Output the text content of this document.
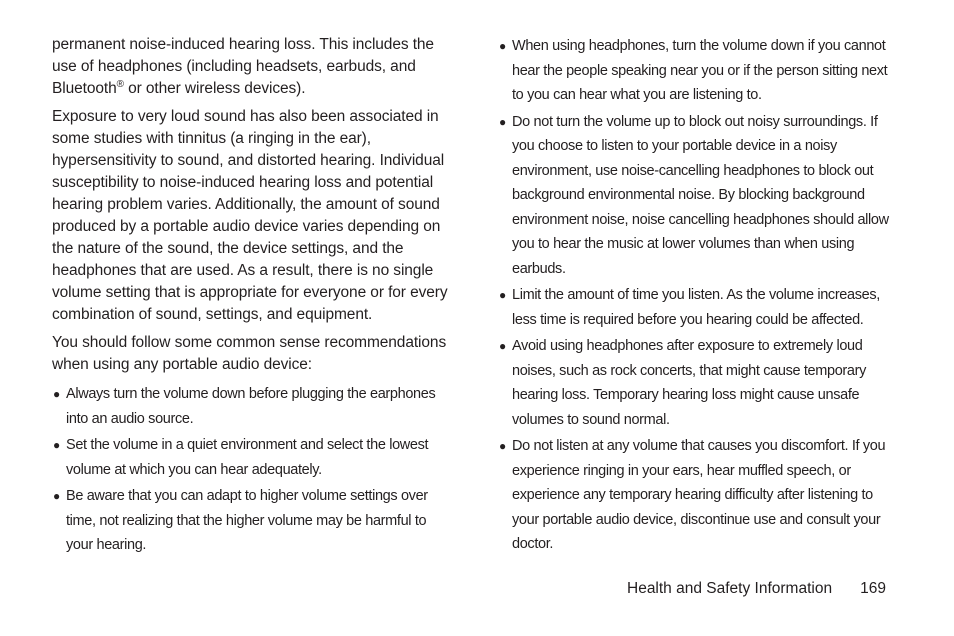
permanent noise-induced hearing loss. This includes the use of headphones (including headsets, earbuds, and Bluetooth® or other wireless devices).

Exposure to very loud sound has also been associated in some studies with tinnitus (a ringing in the ear), hypersensitivity to sound, and distorted hearing. Individual susceptibility to noise-induced hearing loss and potential hearing problem varies. Additionally, the amount of sound produced by a portable audio device varies depending on the nature of the sound, the device settings, and the headphones that are used. As a result, there is no single volume setting that is appropriate for everyone or for every combination of sound, settings, and equipment.

You should follow some common sense recommendations when using any portable audio device:

● Always turn the volume down before plugging the earphones into an audio source.
● Set the volume in a quiet environment and select the lowest volume at which you can hear adequately.
● Be aware that you can adapt to higher volume settings over time, not realizing that the higher volume may be harmful to your hearing.
● When using headphones, turn the volume down if you cannot hear the people speaking near you or if the person sitting next to you can hear what you are listening to.
● Do not turn the volume up to block out noisy surroundings. If you choose to listen to your portable device in a noisy environment, use noise-cancelling headphones to block out background environmental noise. By blocking background environment noise, noise cancelling headphones should allow you to hear the music at lower volumes than when using earbuds.
● Limit the amount of time you listen. As the volume increases, less time is required before you hearing could be affected.
● Avoid using headphones after exposure to extremely loud noises, such as rock concerts, that might cause temporary hearing loss. Temporary hearing loss might cause unsafe volumes to sound normal.
● Do not listen at any volume that causes you discomfort. If you experience ringing in your ears, hear muffled speech, or experience any temporary hearing difficulty after listening to your portable audio device, discontinue use and consult your doctor.
Health and Safety Information 169
